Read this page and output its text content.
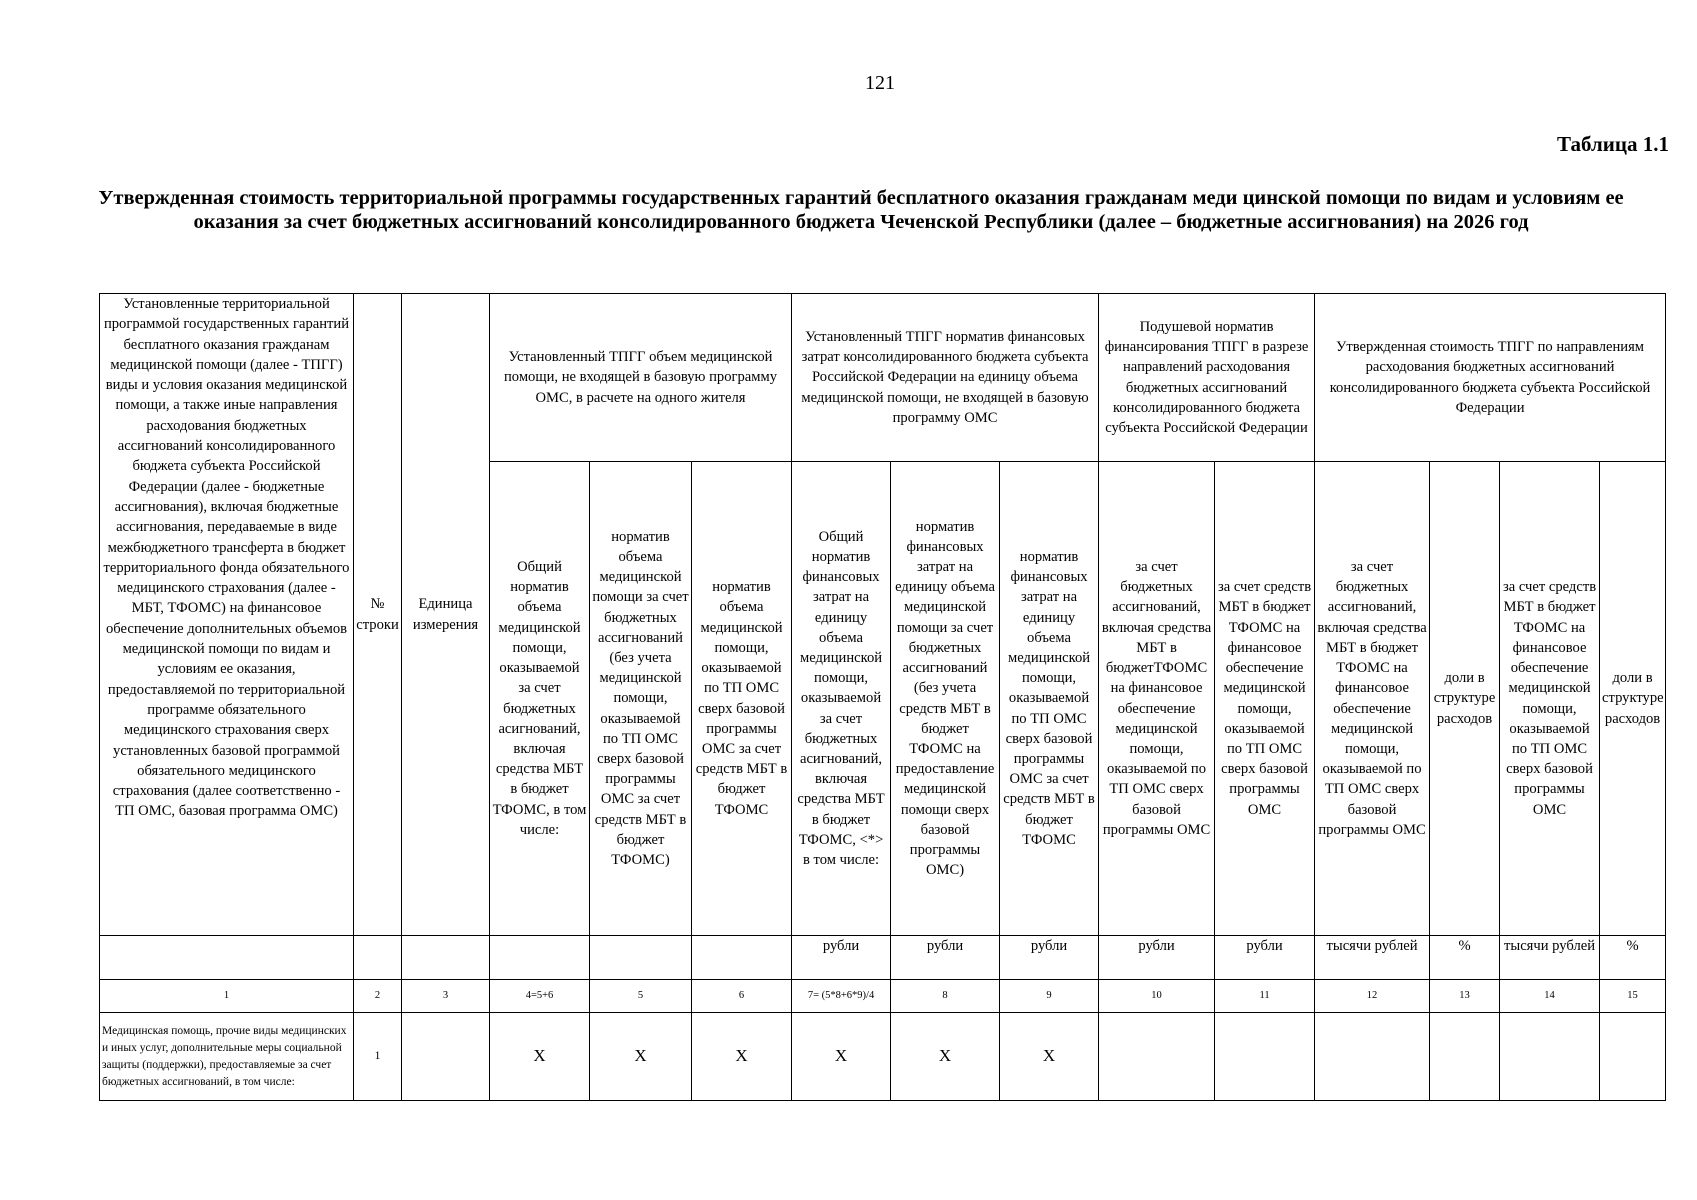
121
Таблица 1.1
Утвержденная стоимость территориальной программы государственных гарантий бесплатного оказания гражданам меди цинской помощи по видам и условиям ее оказания за счет бюджетных ассигнований консолидированного бюджета Чеченской Республики (далее – бюджетные ассигнования) на 2026 год
Установленные территориальной программой государственных гарантий бесплатного оказания гражданам медицинской помощи (далее - ТПГГ) виды и условия оказания медицинской помощи, а также иные направления расходования бюджетных ассигнований консолидированного бюджета субъекта Российской Федерации (далее - бюджетные ассигнования), включая бюджетные ассигнования, передаваемые в виде межбюджетного трансферта в бюджет территориального фонда обязательного медицинского страхования (далее - МБТ, ТФОМС) на финансовое обеспечение дополнительных объемов медицинской помощи по видам и условиям ее оказания, предоставляемой по территориальной программе обязательного медицинского страхования сверх установленных базовой программой обязательного медицинского страхования (далее соответственно - ТП ОМС, базовая программа ОМС)	№ строки	Единица измерения	Установленный ТПГГ объем медицинской помощи, не входящей в базовую программу ОМС, в расчете на одного жителя			Установленный ТПГГ норматив финансовых затрат консолидированного бюджета субъекта Российской Федерации на единицу объема медицинской помощи, не входящей в базовую программу ОМС			Подушевой норматив финансирования ТПГГ в разрезе направлений расходования бюджетных ассигнований консолидированного бюджета субъекта Российской Федерации		Утвержденная стоимость ТПГГ по направлениям расходования бюджетных ассигнований консолидированного бюджета субъекта Российской Федерации			
			Общий норматив объема медицинской помощи, оказываемой за счет бюджетных асигнований, включая средства МБТ в бюджет ТФОМС, в том числе:	норматив объема медицинской помощи за счет бюджетных ассигнований (без учета медицинской помощи, оказываемой по ТП ОМС сверх базовой программы ОМС за счет средств МБТ в бюджет ТФОМС)	норматив объема медицинской помощи, оказываемой по ТП ОМС сверх базовой программы ОМС за счет средств МБТ в бюджет ТФОМС	Общий норматив финансовых затрат на единицу объема медицинской помощи, оказываемой за счет бюджетных асигнований, включая средства МБТ в бюджет ТФОМС, <*> в том числе:	норматив финансовых затрат на единицу объема медицинской помощи за счет бюджетных ассигнований (без учета средств МБТ в бюджет ТФОМС на предоставление медицинской помощи сверх базовой программы ОМС)	норматив финансовых затрат на единицу объема медицинской помощи, оказываемой по ТП ОМС сверх базовой программы ОМС за счет средств МБТ в бюджет ТФОМС	за счет бюджетных ассигнований, включая средства МБТ в бюджетТФОМС на финансовое обеспечение медицинской помощи, оказываемой по ТП ОМС сверх базовой программы ОМС	за счет средств МБТ в бюджет ТФОМС на финансовое обеспечение медицинской помощи, оказываемой по ТП ОМС сверх базовой программы ОМС	за счет бюджетных ассигнований, включая средства МБТ в бюджет ТФОМС на финансовое обеспечение медицинской помощи, оказываемой по ТП ОМС сверх базовой программы ОМС	доли в структуре расходов	за счет средств МБТ в бюджет ТФОМС на финансовое обеспечение медицинской помощи, оказываемой по ТП ОМС сверх базовой программы ОМС	доли в структуре расходов
						рубли	рубли	рубли	рубли	рубли	тысячи рублей	%	тысячи рублей	%
1	2	3	4=5+6	5	6	7= (5*8+6*9)/4	8	9	10	11	12	13	14	15
Медицинская помощь, прочие виды медицинских и иных услуг, дополнительные меры социальной защиты (поддержки), предоставляемые за счет бюджетных ассигнований, в том числе:	1		X	X	X	X	X	X						
